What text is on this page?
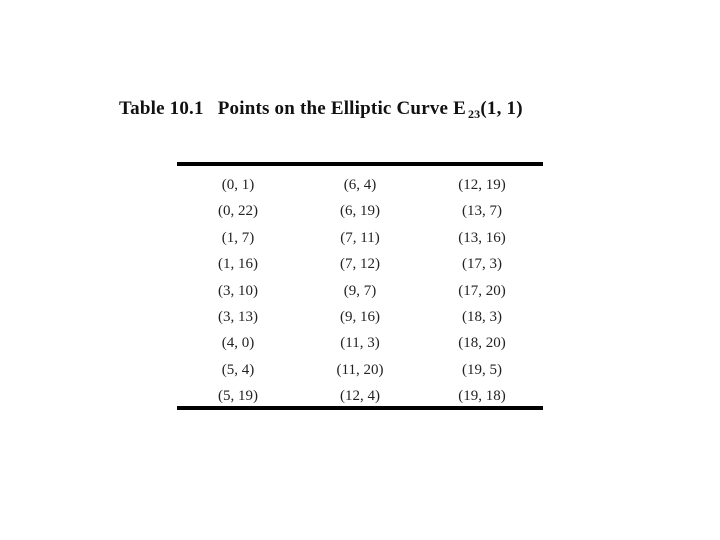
Table 10.1 Points on the Elliptic Curve E $_{23}$(1, 1)
(0, 1)	(6, 4)	(12, 19)
(0, 22)	(6, 19)	(13, 7)
(1, 7)	(7, 11)	(13, 16)
(1, 16)	(7, 12)	(17, 3)
(3, 10)	(9, 7)	(17, 20)
(3, 13)	(9, 16)	(18, 3)
(4, 0)	(11, 3)	(18, 20)
(5, 4)	(11, 20)	(19, 5)
(5, 19)	(12, 4)	(19, 18)
